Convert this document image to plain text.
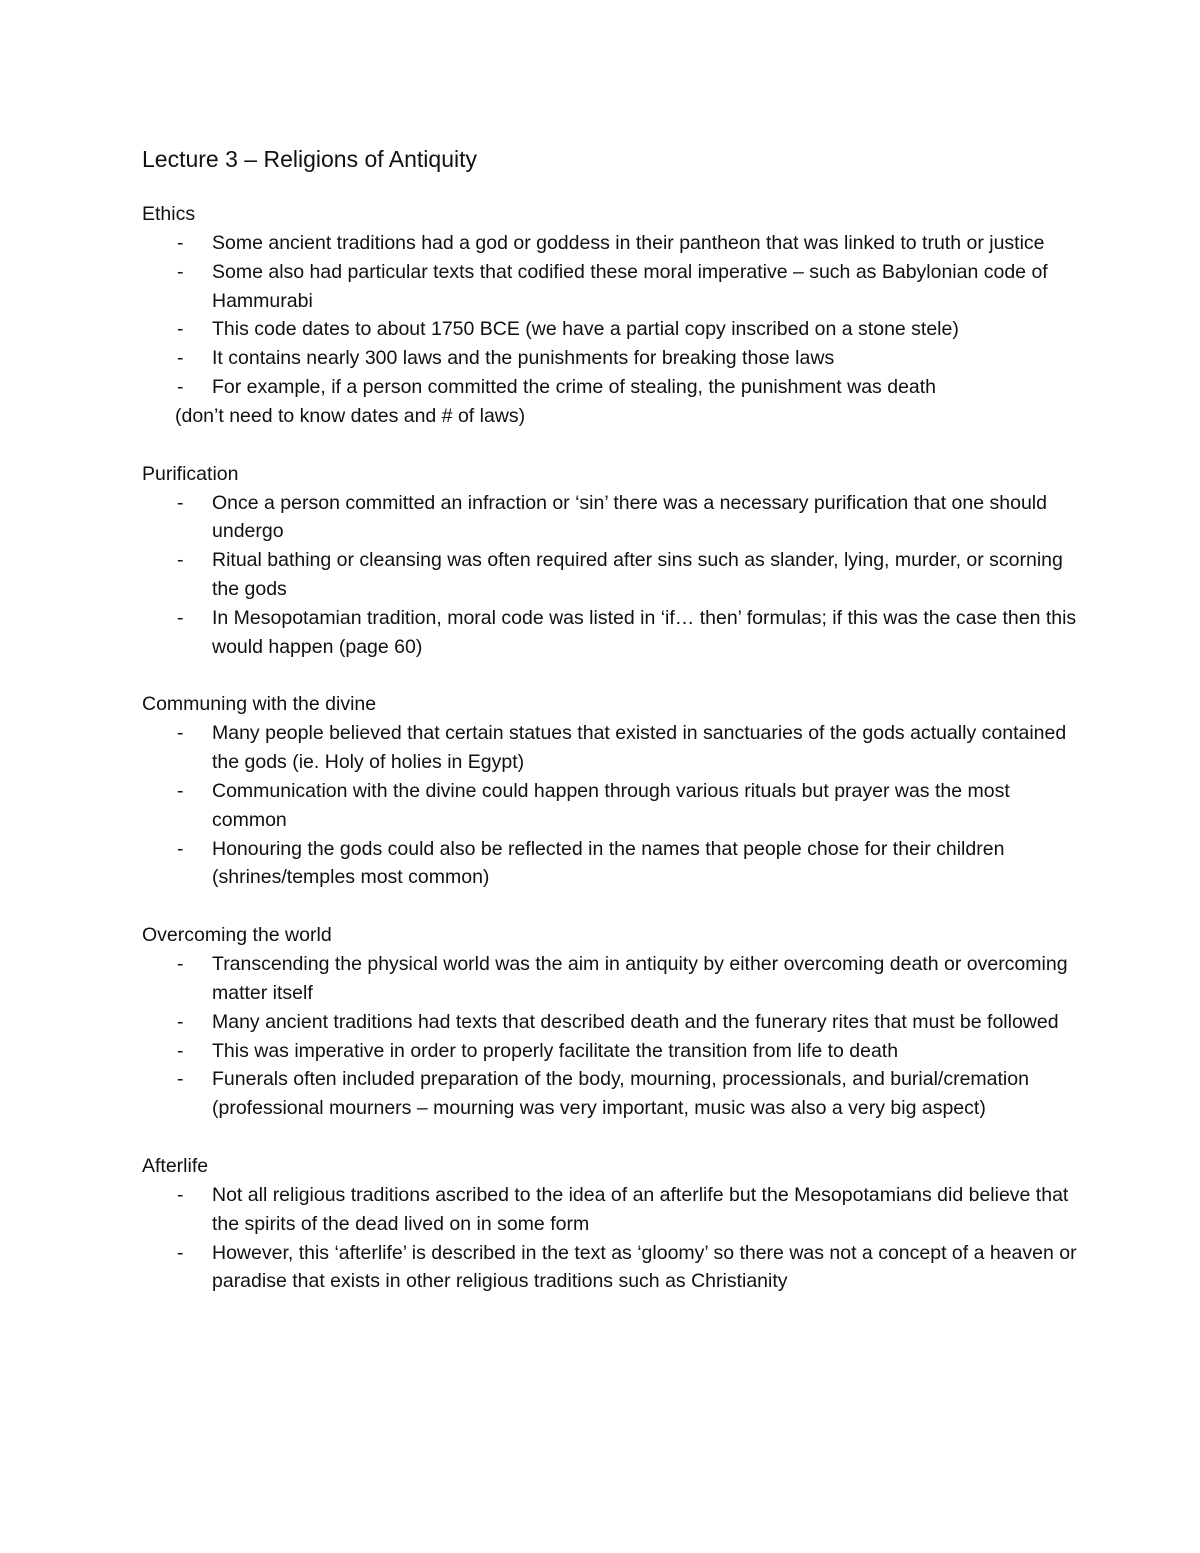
Lecture 3 – Religions of Antiquity
Ethics
- Some ancient traditions had a god or goddess in their pantheon that was linked to truth or justice
- Some also had particular texts that codified these moral imperative – such as Babylonian code of Hammurabi
- This code dates to about 1750 BCE (we have a partial copy inscribed on a stone stele)
- It contains nearly 300 laws and the punishments for breaking those laws
- For example, if a person committed the crime of stealing, the punishment was death
(don’t need to know dates and # of laws)
Purification
- Once a person committed an infraction or ‘sin’ there was a necessary purification that one should undergo
- Ritual bathing or cleansing was often required after sins such as slander, lying, murder, or scorning the gods
- In Mesopotamian tradition, moral code was listed in ‘if… then’ formulas; if this was the case then this would happen (page 60)
Communing with the divine
- Many people believed that certain statues that existed in sanctuaries of the gods actually contained the gods (ie. Holy of holies in Egypt)
- Communication with the divine could happen through various rituals but prayer was the most common
- Honouring the gods could also be reflected in the names that people chose for their children (shrines/temples most common)
Overcoming the world
- Transcending the physical world was the aim in antiquity by either overcoming death or overcoming matter itself
- Many ancient traditions had texts that described death and the funerary rites that must be followed
- This was imperative in order to properly facilitate the transition from life to death
- Funerals often included preparation of the body, mourning, processionals, and burial/cremation (professional mourners – mourning was very important, music was also a very big aspect)
Afterlife
- Not all religious traditions ascribed to the idea of an afterlife but the Mesopotamians did believe that the spirits of the dead lived on in some form
- However, this ‘afterlife’ is described in the text as ‘gloomy’ so there was not a concept of a heaven or paradise that exists in other religious traditions such as Christianity
